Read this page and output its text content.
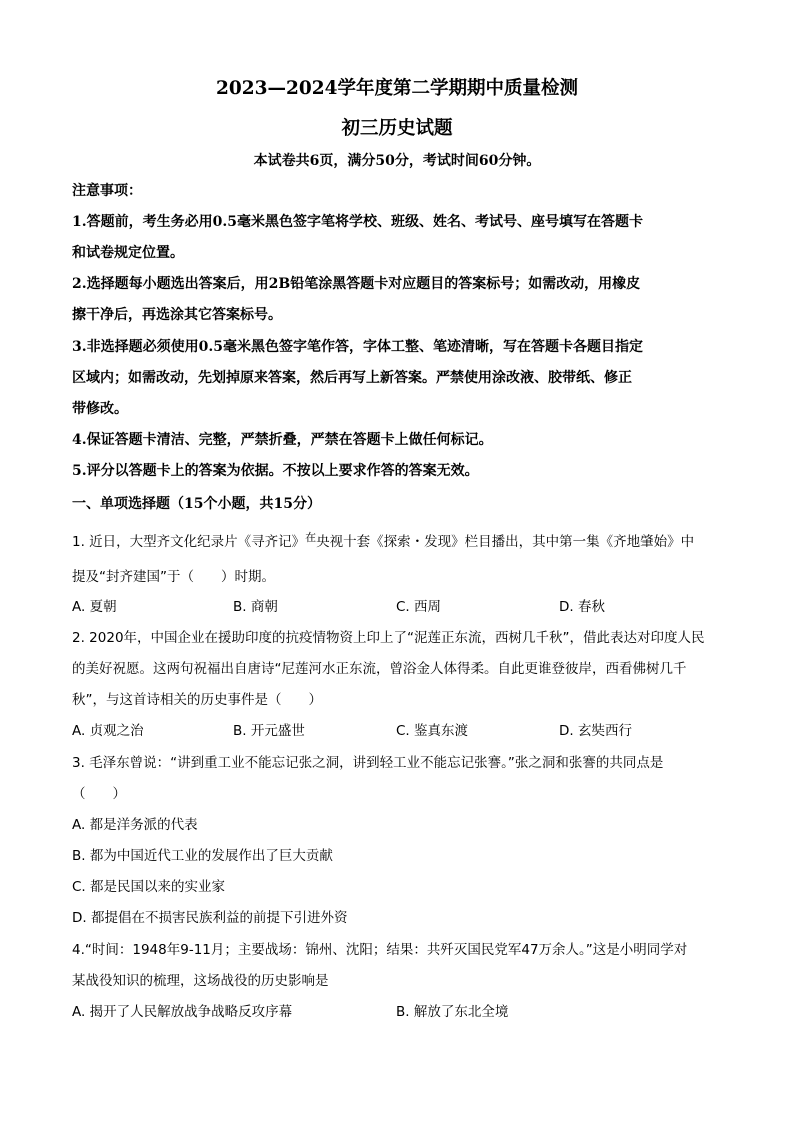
2023—2024学年度第二学期期中质量检测
初三历史试题
本试卷共6页，满分50分，考试时间60分钟。
注意事项：
1.答题前，考生务必用0.5毫米黑色签字笔将学校、班级、姓名、考试号、座号填写在答题卡
和试卷规定位置。
2.选择题每小题选出答案后，用2B铅笔涂黑答题卡对应题目的答案标号；如需改动，用橡皮
擦干净后，再选涂其它答案标号。
3.非选择题必须使用0.5毫米黑色签字笔作答，字体工整、笔迹清晰，写在答题卡各题目指定
区域内；如需改动，先划掉原来答案，然后再写上新答案。严禁使用涂改液、胶带纸、修正
带修改。
4.保证答题卡清洁、完整，严禁折叠，严禁在答题卡上做任何标记。
5.评分以答题卡上的答案为依据。不按以上要求作答的答案无效。
一、单项选择题（15个小题，共15分）
1. 近日，大型齐文化纪录片《寻齐记》$^在$央视十套《探索・发现》栏目播出，其中第一集《齐地肇始》中
提及“封齐建国”于（　　）时期。
A. 夏朝	B. 商朝	C. 西周	D. 春秋
2. 2020年，中国企业在援助印度的抗疫情物资上印上了“泥莲正东流，西树几千秋”，借此表达对印度人民
的美好祝愿。这两句祝福出自唐诗“尼莲河水正东流，曾浴金人体得柔。自此更谁登彼岸，西看佛树几千
秋”，与这首诗相关的历史事件是（　　）
A. 贞观之治	B. 开元盛世	C. 鉴真东渡	D. 玄奘西行
3. 毛泽东曾说：“讲到重工业不能忘记张之洞，讲到轻工业不能忘记张謇。”张之洞和张謇的共同点是
（　　）
A. 都是洋务派的代表
B. 都为中国近代工业的发展作出了巨大贡献
C. 都是民国以来的实业家
D. 都提倡在不损害民族利益的前提下引进外资
4.“时间：1948年9-11月；主要战场：锦州、沈阳；结果：共歼灭国民党军47万余人。”这是小明同学对
某战役知识的梳理，这场战役的历史影响是
A. 揭开了人民解放战争战略反攻序幕	B. 解放了东北全境
